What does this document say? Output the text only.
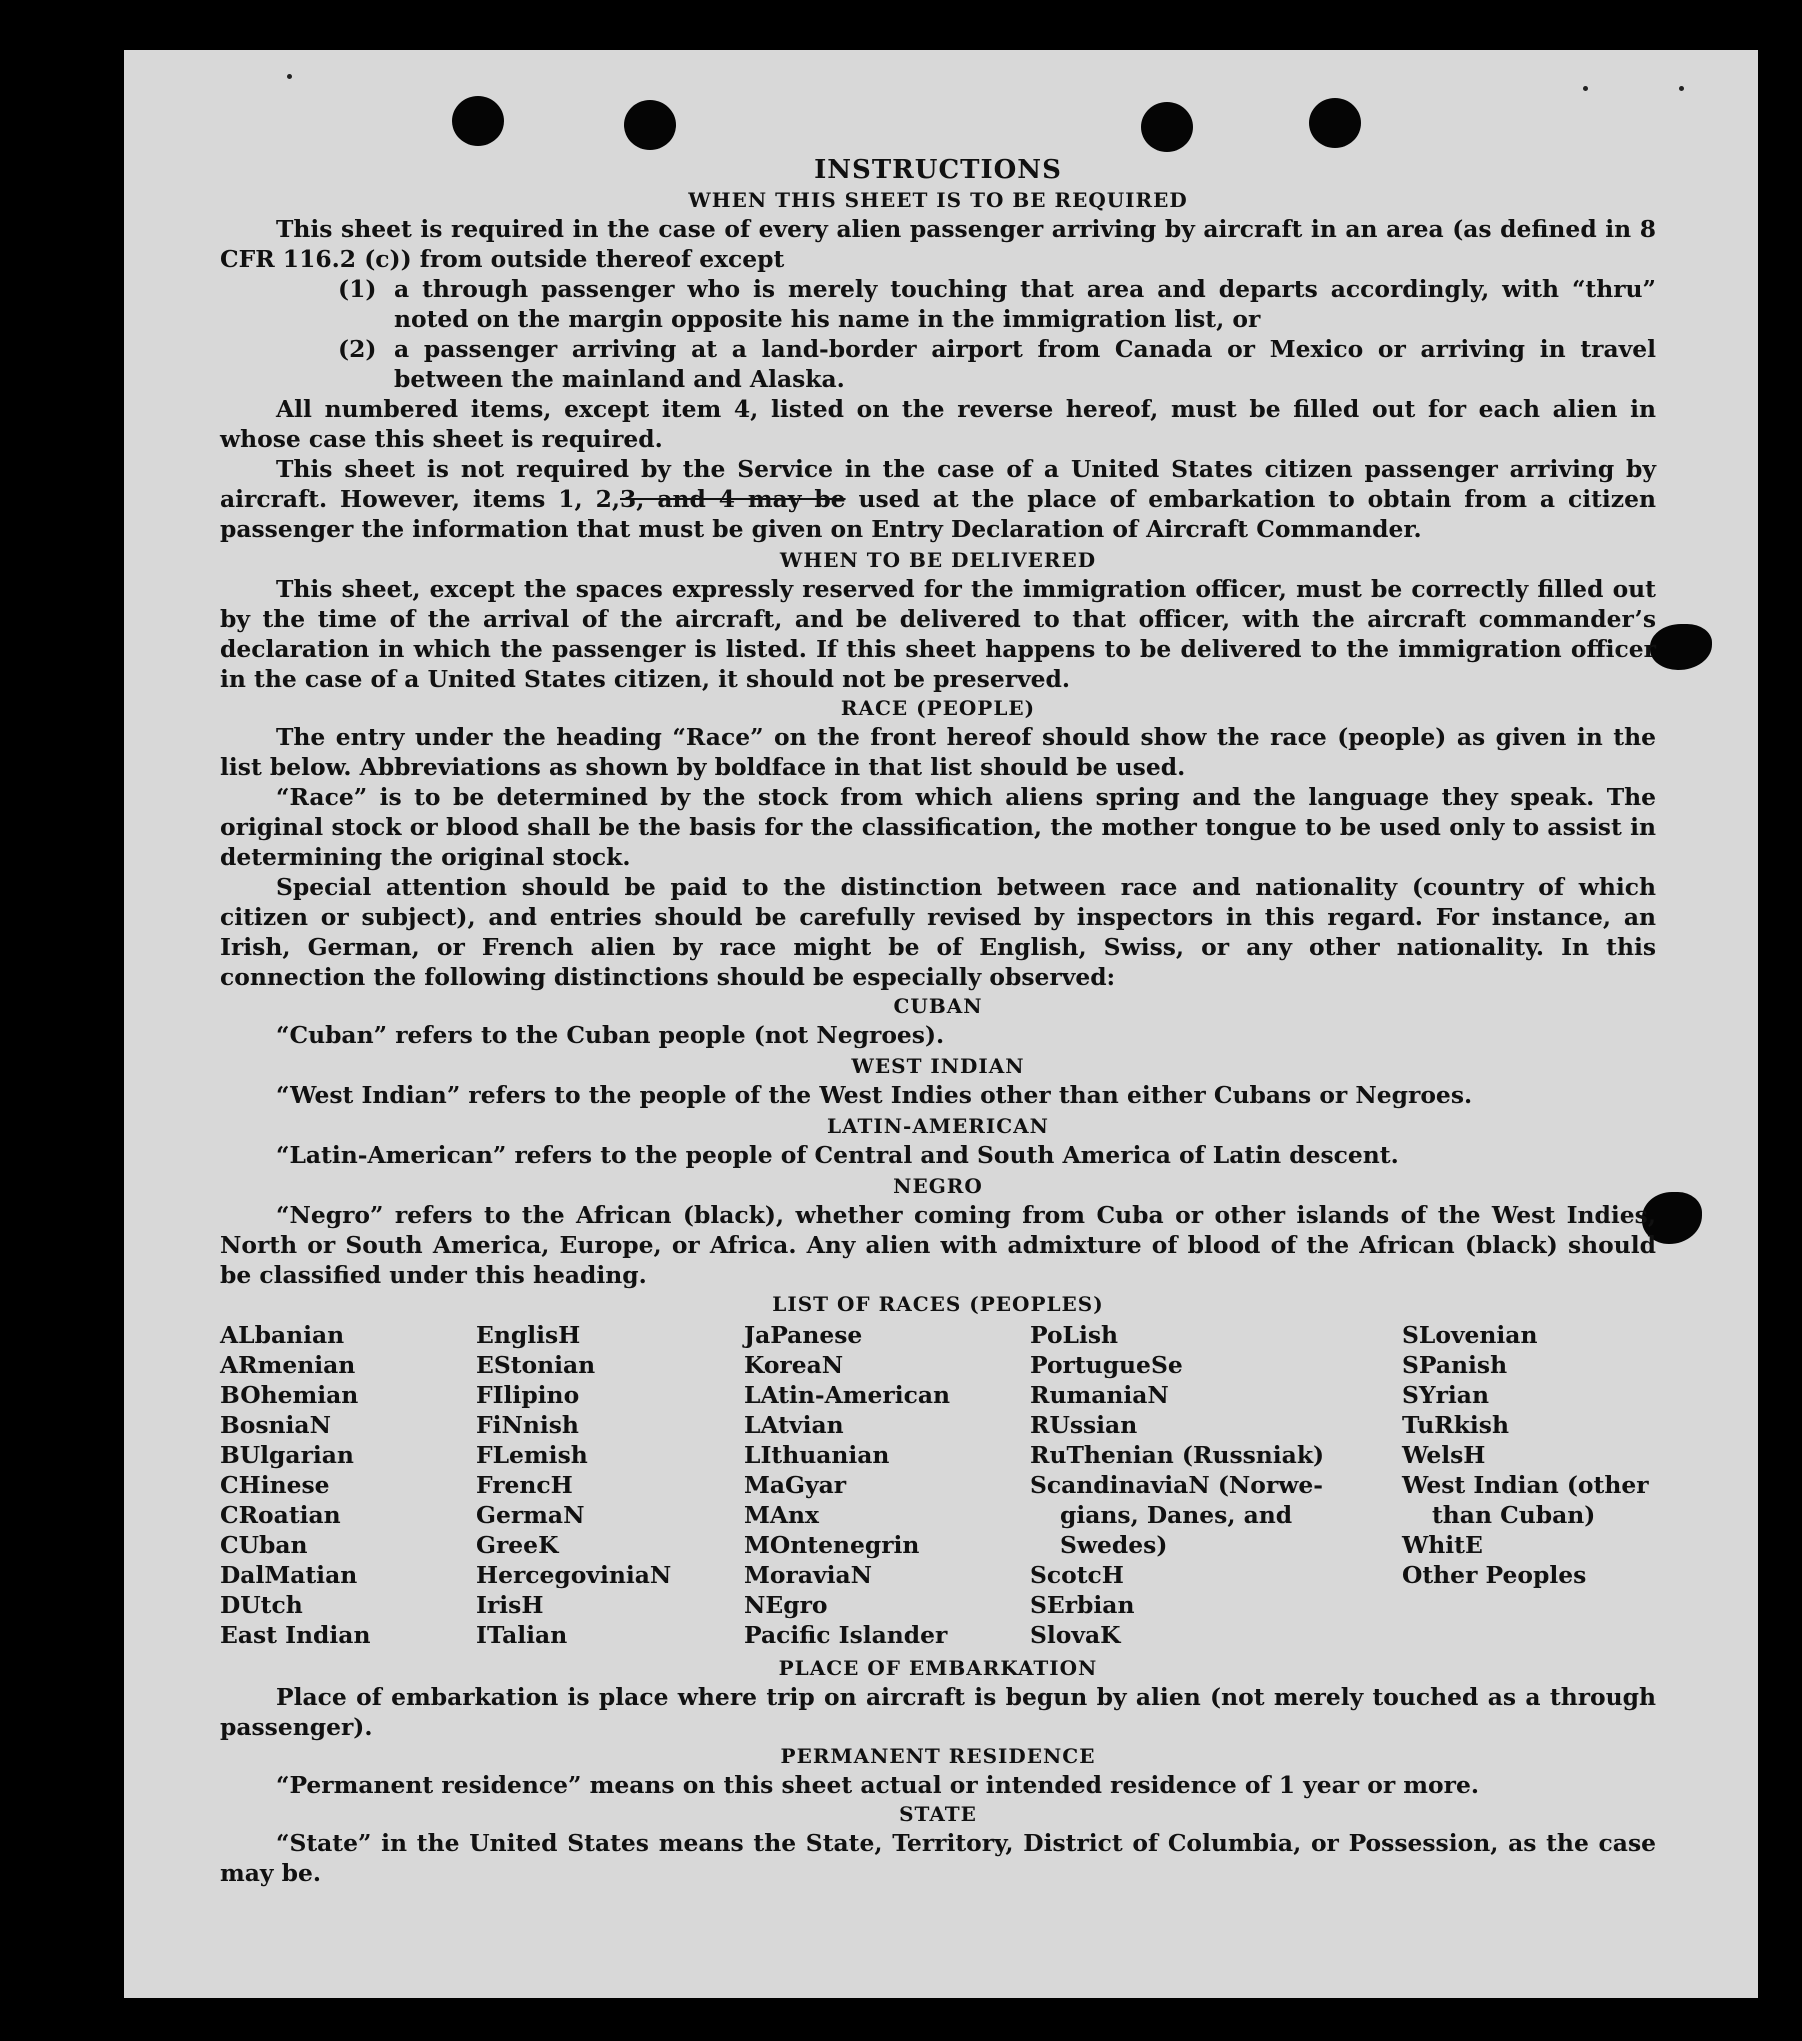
INSTRUCTIONS
WHEN THIS SHEET IS TO BE REQUIRED

This sheet is required in the case of every alien passenger arriving by aircraft in an area (as defined in 8 CFR 116.2 (c)) from outside thereof except

(1) a through passenger who is merely touching that area and departs accordingly, with “thru” noted on the margin opposite his name in the immigration list, or
(2) a passenger arriving at a land-border airport from Canada or Mexico or arriving in travel between the mainland and Alaska.

All numbered items, except item 4, listed on the reverse hereof, must be filled out for each alien in whose case this sheet is required.

This sheet is not required by the Service in the case of a United States citizen passenger arriving by aircraft. However, items 1, 2,3, and 4 may be used at the place of embarkation to obtain from a citizen passenger the information that must be given on Entry Declaration of Aircraft Commander.

WHEN TO BE DELIVERED

This sheet, except the spaces expressly reserved for the immigration officer, must be correctly filled out by the time of the arrival of the aircraft, and be delivered to that officer, with the aircraft commander’s declaration in which the passenger is listed. If this sheet happens to be delivered to the immigration officer in the case of a United States citizen, it should not be preserved.

RACE (PEOPLE)

The entry under the heading “Race” on the front hereof should show the race (people) as given in the list below. Abbreviations as shown by boldface in that list should be used.

“Race” is to be determined by the stock from which aliens spring and the language they speak. The original stock or blood shall be the basis for the classification, the mother tongue to be used only to assist in determining the original stock.

Special attention should be paid to the distinction between race and nationality (country of which citizen or subject), and entries should be carefully revised by inspectors in this regard. For instance, an Irish, German, or French alien by race might be of English, Swiss, or any other nationality. In this connection the following distinctions should be especially observed:

CUBAN

“Cuban” refers to the Cuban people (not Negroes).

WEST INDIAN

“West Indian” refers to the people of the West Indies other than either Cubans or Negroes.

LATIN-AMERICAN

“Latin-American” refers to the people of Central and South America of Latin descent.

NEGRO

“Negro” refers to the African (black), whether coming from Cuba or other islands of the West Indies, North or South America, Europe, or Africa. Any alien with admixture of blood of the African (black) should be classified under this heading.

LIST OF RACES (PEOPLES)
ALbanian
ARmenian
BOhemian
BosniaN
BUlgarian
CHinese
CRoatian
CUban
DalMatian
DUtch
East Indian
EnglisH
EStonian
FIlipino
FiNnish
FLemish
FrencH
GermaN
GreeK
HercegoviniaN
IrisH
ITalian
JaPanese
KoreaN
LAtin-American
LAtvian
LIthuanian
MaGyar
MAnx
MOntenegrin
MoraviaN
NEgro
Pacific Islander
PoLish
PortugueSe
RumaniaN
RUssian
RuThenian (Russniak)
ScandinaviaN (Norwe-
gians, Danes, and
Swedes)
ScotcH
SErbian
SlovaK
SLovenian
SPanish
SYrian
TuRkish
WelsH
West Indian (other
than Cuban)
WhitE
Other Peoples
PLACE OF EMBARKATION

Place of embarkation is place where trip on aircraft is begun by alien (not merely touched as a through passenger).

PERMANENT RESIDENCE

“Permanent residence” means on this sheet actual or intended residence of 1 year or more.

STATE

“State” in the United States means the State, Territory, District of Columbia, or Possession, as the case may be.
